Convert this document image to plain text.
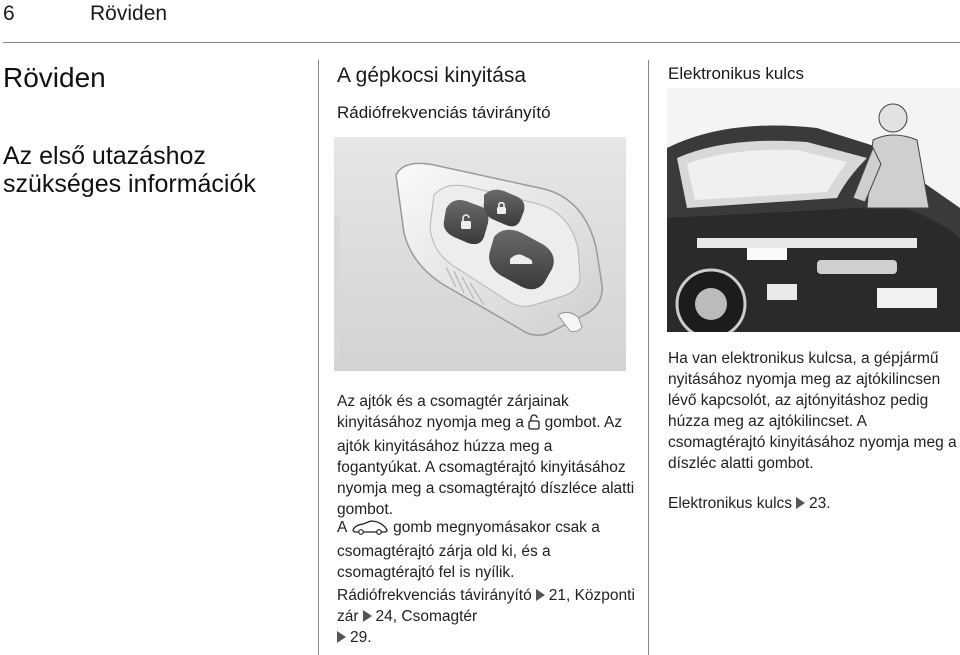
6	Röviden
Röviden
Az első utazáshoz
szükséges információk
A gépkocsi kinyitása
Rádiófrekvenciás távirányító
Az ajtók és a csomagtér zárjainak kinyitásához nyomja meg a  gombot. Az ajtók kinyitásához húzza meg a fogantyúkat. A csomagtérajtó kinyitásához nyomja meg a csomagtérajtó díszléce alatti gombot.
A  gomb megnyomásakor csak a csomagtérajtó zárja old ki, és a csomagtérajtó fel is nyílik.
Rádiófrekvenciás távirányító 21, Központi zár 24, Csomagtér
29.
Elektronikus kulcs
Ha van elektronikus kulcsa, a gépjármű nyitásához nyomja meg az ajtókilincsen lévő kapcsolót, az ajtónyitáshoz pedig húzza meg az ajtókilincset. A csomagtérajtó kinyitásához nyomja meg a díszléc alatti gombot.
Elektronikus kulcs 23.
